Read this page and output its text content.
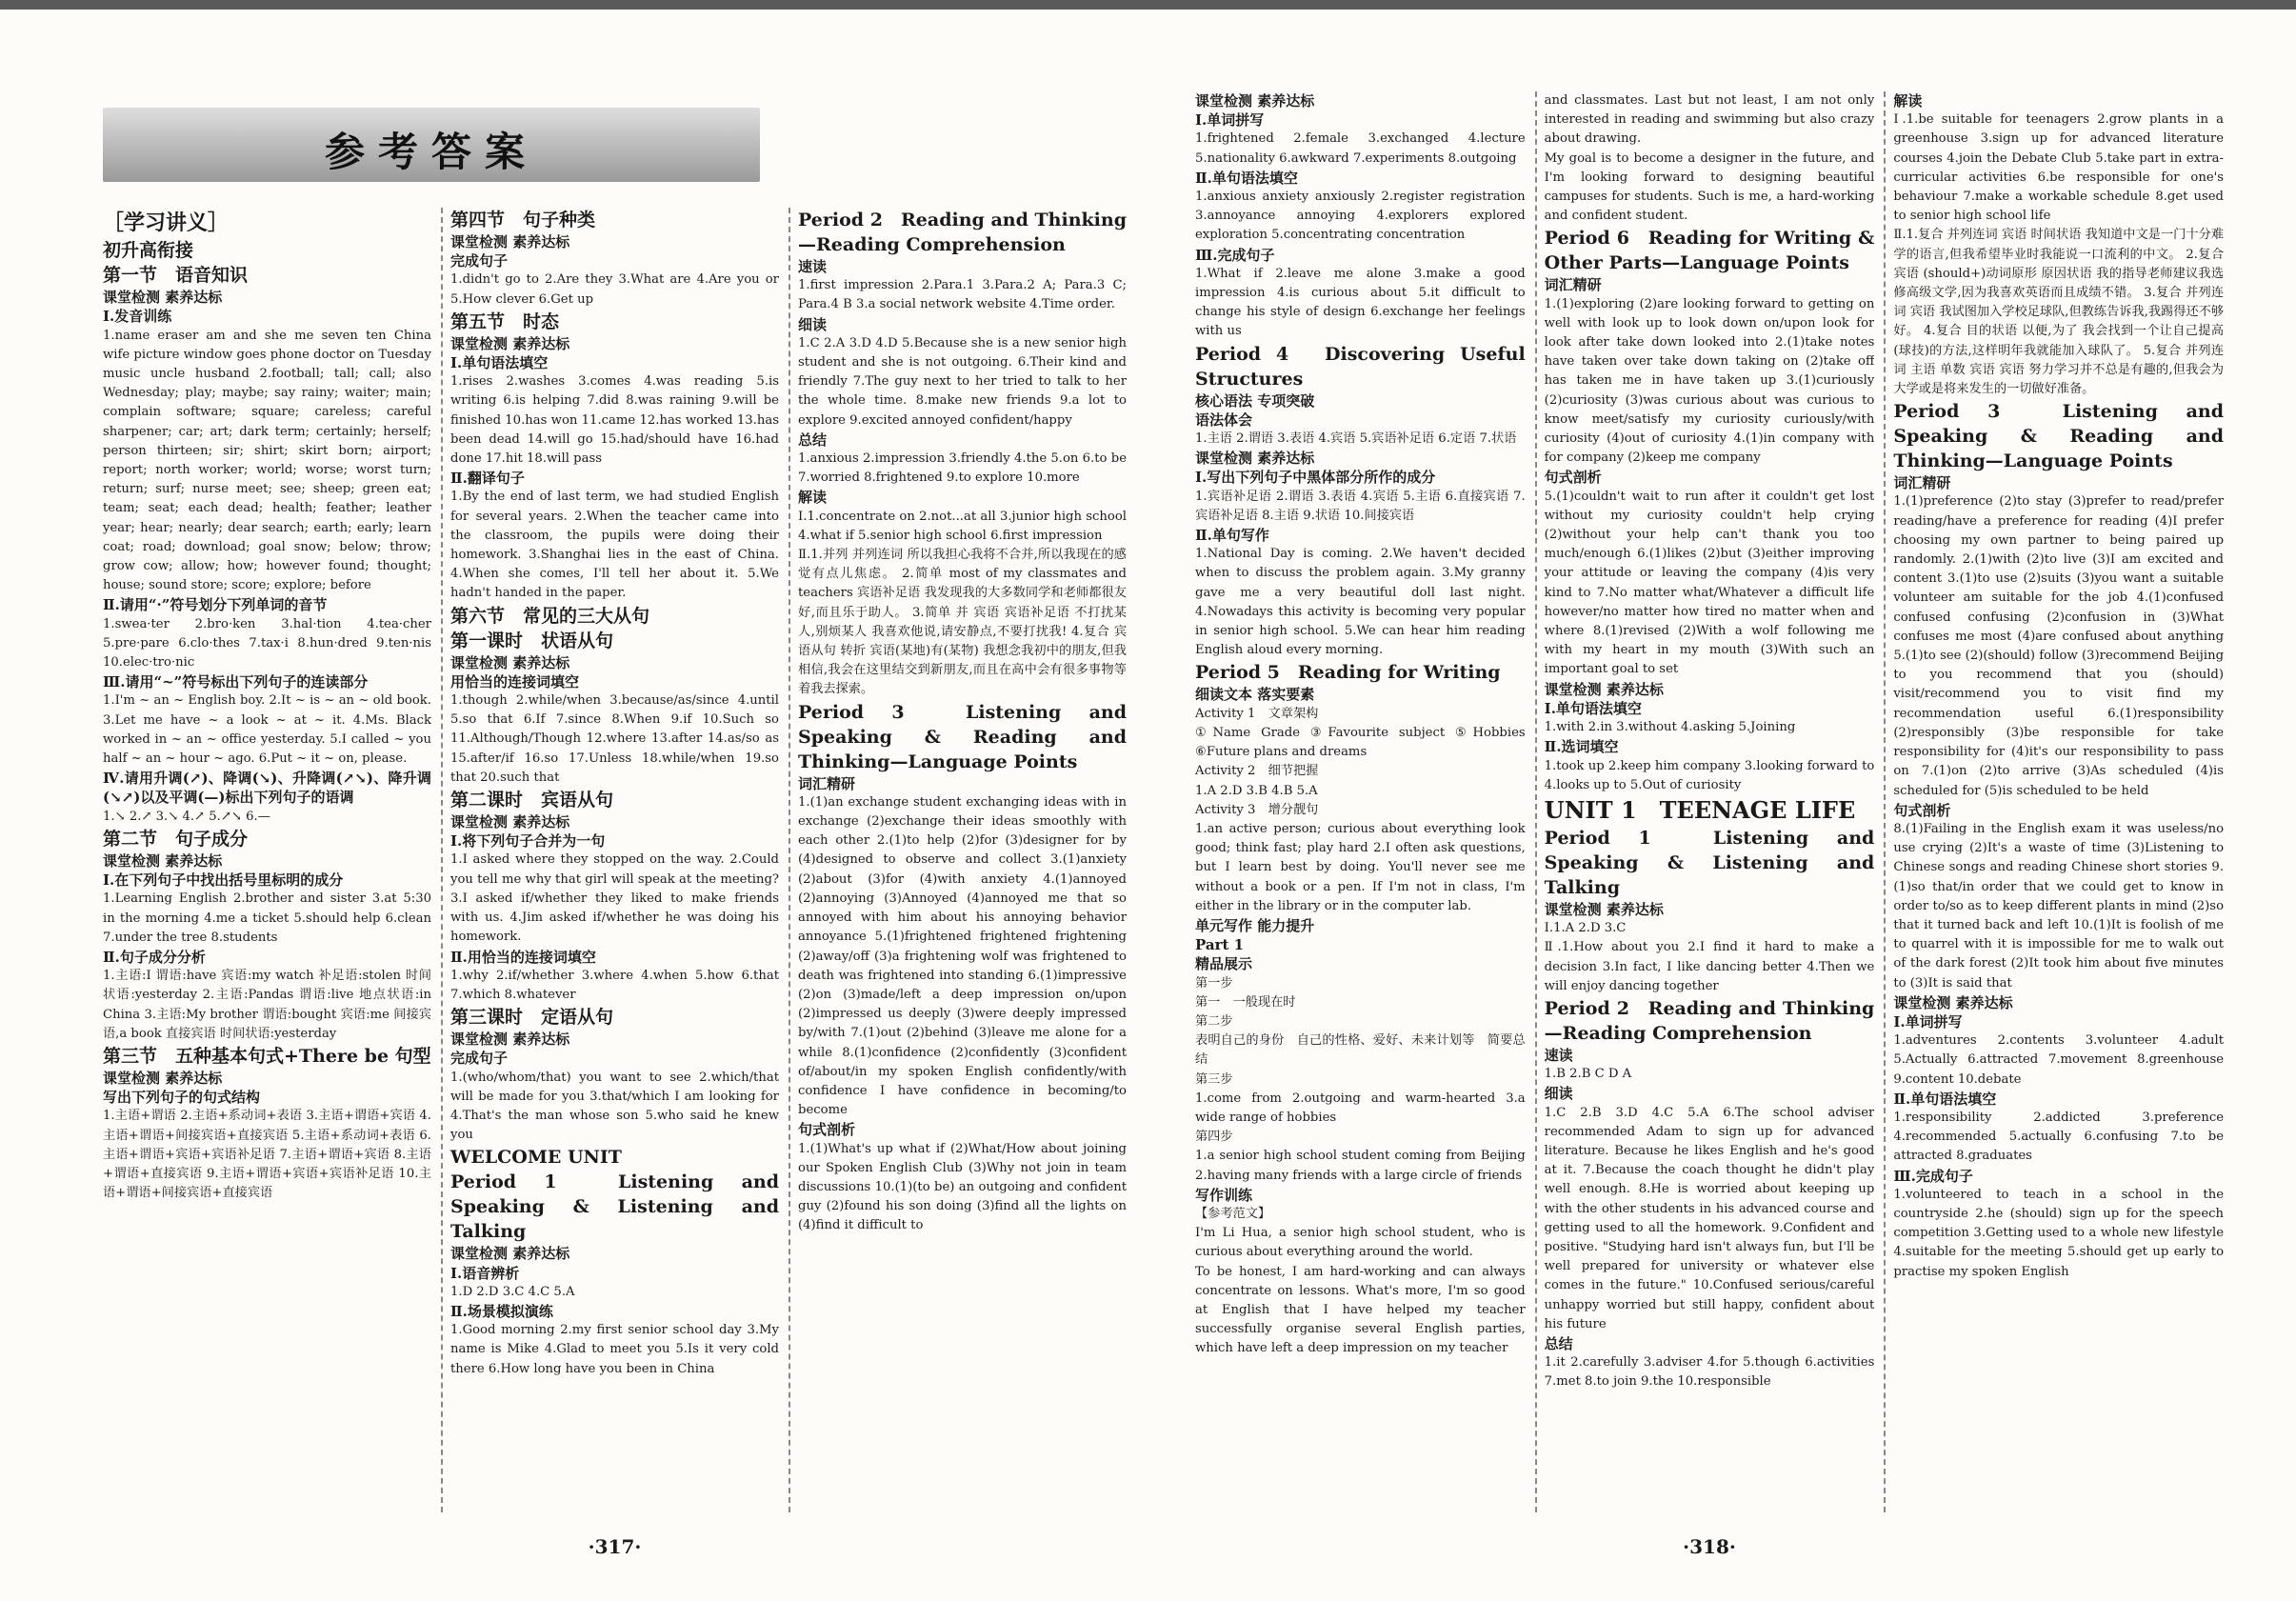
参考答案

［学习讲义］

初升高衔接

第一节　语音知识

课堂检测 素养达标

Ⅰ.发音训练

1.name eraser am and she me seven ten China wife picture window goes phone doctor on Tuesday music uncle husband 2.football; tall; call; also Wednesday; play; maybe; say rainy; waiter; main; complain software; square; careless; careful sharpener; car; art; dark term; certainly; herself; person thirteen; sir; shirt; skirt born; airport; report; north worker; world; worse; worst turn; return; surf; nurse meet; see; sheep; green eat; team; seat; each dead; health; feather; leather year; hear; nearly; dear search; earth; early; learn coat; road; download; goal snow; below; throw; grow cow; allow; how; however found; thought; house; sound store; score; explore; before

Ⅱ.请用“·”符号划分下列单词的音节

1.swea·ter 2.bro·ken 3.hal·tion 4.tea·cher 5.pre·pare 6.clo·thes 7.tax·i 8.hun·dred 9.ten·nis 10.elec·tro·nic

Ⅲ.请用“~”符号标出下列句子的连读部分

1.I'm ~ an ~ English boy. 2.It ~ is ~ an ~ old book. 3.Let me have ~ a look ~ at ~ it. 4.Ms. Black worked in ~ an ~ office yesterday. 5.I called ~ you half ~ an ~ hour ~ ago. 6.Put ~ it ~ on, please.

Ⅳ.请用升调(↗)、降调(↘)、升降调(↗↘)、降升调(↘↗)以及平调(—)标出下列句子的语调

1.↘ 2.↗ 3.↘ 4.↗ 5.↗↘ 6.—

第二节　句子成分

课堂检测 素养达标

Ⅰ.在下列句子中找出括号里标明的成分

1.Learning English 2.brother and sister 3.at 5:30 in the morning 4.me a ticket 5.should help 6.clean 7.under the tree 8.students

Ⅱ.句子成分分析

1.主语:I 谓语:have 宾语:my watch 补足语:stolen 时间状语:yesterday 2.主语:Pandas 谓语:live 地点状语:in China 3.主语:My brother 谓语:bought 宾语:me 间接宾语,a book 直接宾语 时间状语:yesterday

第三节　五种基本句式+There be 句型

课堂检测 素养达标

写出下列句子的句式结构

1.主语+谓语 2.主语+系动词+表语 3.主语+谓语+宾语 4.主语+谓语+间接宾语+直接宾语 5.主语+系动词+表语 6.主语+谓语+宾语+宾语补足语 7.主语+谓语+宾语 8.主语+谓语+直接宾语 9.主语+谓语+宾语+宾语补足语 10.主语+谓语+间接宾语+直接宾语

第四节　句子种类

课堂检测 素养达标

完成句子

1.didn't go to 2.Are they 3.What are 4.Are you or 5.How clever 6.Get up

第五节　时态

课堂检测 素养达标

Ⅰ.单句语法填空

1.rises 2.washes 3.comes 4.was reading 5.is writing 6.is helping 7.did 8.was raining 9.will be finished 10.has won 11.came 12.has worked 13.has been dead 14.will go 15.had/should have 16.had done 17.hit 18.will pass

Ⅱ.翻译句子

1.By the end of last term, we had studied English for several years. 2.When the teacher came into the classroom, the pupils were doing their homework. 3.Shanghai lies in the east of China. 4.When she comes, I'll tell her about it. 5.We hadn't handed in the paper.

第六节　常见的三大从句

第一课时　状语从句

课堂检测 素养达标

用恰当的连接词填空

1.though 2.while/when 3.because/as/since 4.until 5.so that 6.If 7.since 8.When 9.if 10.Such so 11.Although/Though 12.where 13.after 14.as/so as 15.after/if 16.so 17.Unless 18.while/when 19.so that 20.such that

第二课时　宾语从句

课堂检测 素养达标

Ⅰ.将下列句子合并为一句

1.I asked where they stopped on the way. 2.Could you tell me why that girl will speak at the meeting? 3.I asked if/whether they liked to make friends with us. 4.Jim asked if/whether he was doing his homework.

Ⅱ.用恰当的连接词填空

1.why 2.if/whether 3.where 4.when 5.how 6.that 7.which 8.whatever

第三课时　定语从句

课堂检测 素养达标

完成句子

1.(who/whom/that) you want to see 2.which/that will be made for you 3.that/which I am looking for 4.That's the man whose son 5.who said he knew you

WELCOME UNIT

Period 1　Listening and Speaking & Listening and Talking

课堂检测 素养达标

Ⅰ.语音辨析

1.D 2.D 3.C 4.C 5.A

Ⅱ.场景模拟演练

1.Good morning 2.my first senior school day 3.My name is Mike 4.Glad to meet you 5.Is it very cold there 6.How long have you been in China

Period 2　Reading and Thinking—Reading Comprehension

速读

1.first impression 2.Para.1 3.Para.2 A; Para.3 C; Para.4 B 3.a social network website 4.Time order.

细读

1.C 2.A 3.D 4.D 5.Because she is a new senior high student and she is not outgoing. 6.Their kind and friendly 7.The guy next to her tried to talk to her the whole time. 8.make new friends 9.a lot to explore 9.excited annoyed confident/happy

总结

1.anxious 2.impression 3.friendly 4.the 5.on 6.to be 7.worried 8.frightened 9.to explore 10.more

解读

Ⅰ.1.concentrate on 2.not...at all 3.junior high school 4.what if 5.senior high school 6.first impression

Ⅱ.1.并列 并列连词 所以我担心我将不合并,所以我现在的感觉有点儿焦虑。 2.简单 most of my classmates and teachers 宾语补足语 我发现我的大多数同学和老师都很友好,而且乐于助人。 3.简单 并 宾语 宾语补足语 不打扰某人,别烦某人 我喜欢他说,请安静点,不要打扰我! 4.复合 宾语从句 转折 宾语(某地)有(某物) 我想念我初中的朋友,但我相信,我会在这里结交到新朋友,而且在高中会有很多事物等着我去探索。

Period 3　Listening and Speaking & Reading and Thinking—Language Points

词汇精研

1.(1)an exchange student exchanging ideas with in exchange (2)exchange their ideas smoothly with each other 2.(1)to help (2)for (3)designer for by (4)designed to observe and collect 3.(1)anxiety (2)about (3)for (4)with anxiety 4.(1)annoyed (2)annoying (3)Annoyed (4)annoyed me that so annoyed with him about his annoying behavior annoyance 5.(1)frightened frightened frightening (2)away/off (3)a frightening wolf was frightened to death was frightened into standing 6.(1)impressive (2)on (3)made/left a deep impression on/upon (2)impressed us deeply (3)were deeply impressed by/with 7.(1)out (2)behind (3)leave me alone for a while 8.(1)confidence (2)confidently (3)confident of/about/in my spoken English confidently/with confidence I have confidence in becoming/to become

句式剖析

1.(1)What's up what if (2)What/How about joining our Spoken English Club (3)Why not join in team discussions 10.(1)(to be) an outgoing and confident guy (2)found his son doing (3)find all the lights on (4)find it difficult to

·317·

课堂检测 素养达标

Ⅰ.单词拼写

1.frightened 2.female 3.exchanged 4.lecture 5.nationality 6.awkward 7.experiments 8.outgoing

Ⅱ.单句语法填空

1.anxious anxiety anxiously 2.register registration 3.annoyance annoying 4.explorers explored exploration 5.concentrating concentration

Ⅲ.完成句子

1.What if 2.leave me alone 3.make a good impression 4.is curious about 5.it difficult to change his style of design 6.exchange her feelings with us

Period 4　Discovering Useful Structures

核心语法 专项突破

语法体会

1.主语 2.谓语 3.表语 4.宾语 5.宾语补足语 6.定语 7.状语

课堂检测 素养达标

Ⅰ.写出下列句子中黑体部分所作的成分

1.宾语补足语 2.谓语 3.表语 4.宾语 5.主语 6.直接宾语 7.宾语补足语 8.主语 9.状语 10.间接宾语

Ⅱ.单句写作

1.National Day is coming. 2.We haven't decided when to discuss the problem again. 3.My granny gave me a very beautiful doll last night. 4.Nowadays this activity is becoming very popular in senior high school. 5.We can hear him reading English aloud every morning.

Period 5　Reading for Writing

细读文本 落实要素

Activity 1　文章架构

①Name Grade ③Favourite subject ⑤Hobbies ⑥Future plans and dreams

Activity 2　细节把握

1.A 2.D 3.B 4.B 5.A

Activity 3　增分靓句

1.an active person; curious about everything look good; think fast; play hard 2.I often ask questions, but I learn best by doing. You'll never see me without a book or a pen. If I'm not in class, I'm either in the library or in the computer lab.

单元写作 能力提升

Part 1

精品展示

第一步

第一　一般现在时

第二步

表明自己的身份　自己的性格、爱好、未来计划等　简要总结

第三步

1.come from 2.outgoing and warm-hearted 3.a wide range of hobbies

第四步

1.a senior high school student coming from Beijing 2.having many friends with a large circle of friends

写作训练

【参考范文】

I'm Li Hua, a senior high school student, who is curious about everything around the world.

To be honest, I am hard-working and can always concentrate on lessons. What's more, I'm so good at English that I have helped my teacher successfully organise several English parties, which have left a deep impression on my teacher

and classmates. Last but not least, I am not only interested in reading and swimming but also crazy about drawing.

My goal is to become a designer in the future, and I'm looking forward to designing beautiful campuses for students. Such is me, a hard-working and confident student.

Period 6　Reading for Writing & Other Parts—Language Points

词汇精研

1.(1)exploring (2)are looking forward to getting on well with look up to look down on/upon look for look after take down looked into 2.(1)take notes have taken over take down taking on (2)take off has taken me in have taken up 3.(1)curiously (2)curiosity (3)was curious about was curious to know meet/satisfy my curiosity curiously/with curiosity (4)out of curiosity 4.(1)in company with for company (2)keep me company

句式剖析

5.(1)couldn't wait to run after it couldn't get lost without my curiosity couldn't help crying (2)without your help can't thank you too much/enough 6.(1)likes (2)but (3)either improving your attitude or leaving the company (4)is very kind to 7.No matter what/Whatever a difficult life however/no matter how tired no matter when and where 8.(1)revised (2)With a wolf following me with my heart in my mouth (3)With such an important goal to set

课堂检测 素养达标

Ⅰ.单句语法填空

1.with 2.in 3.without 4.asking 5.Joining

Ⅱ.选词填空

1.took up 2.keep him company 3.looking forward to 4.looks up to 5.Out of curiosity

UNIT 1　TEENAGE LIFE

Period 1　Listening and Speaking & Listening and Talking

课堂检测 素养达标

Ⅰ.1.A 2.D 3.C

Ⅱ.1.How about you 2.I find it hard to make a decision 3.In fact, I like dancing better 4.Then we will enjoy dancing together

Period 2　Reading and Thinking—Reading Comprehension

速读

1.B 2.B C D A

细读

1.C 2.B 3.D 4.C 5.A 6.The school adviser recommended Adam to sign up for advanced literature. Because he likes English and he's good at it. 7.Because the coach thought he didn't play well enough. 8.He is worried about keeping up with the other students in his advanced course and getting used to all the homework. 9.Confident and positive. "Studying hard isn't always fun, but I'll be well prepared for university or whatever else comes in the future." 10.Confused serious/careful unhappy worried but still happy, confident about his future

总结

1.it 2.carefully 3.adviser 4.for 5.though 6.activities 7.met 8.to join 9.the 10.responsible

解读

Ⅰ.1.be suitable for teenagers 2.grow plants in a greenhouse 3.sign up for advanced literature courses 4.join the Debate Club 5.take part in extra-curricular activities 6.be responsible for one's behaviour 7.make a workable schedule 8.get used to senior high school life

Ⅱ.1.复合 并列连词 宾语 时间状语 我知道中文是一门十分难学的语言,但我希望毕业时我能说一口流利的中文。 2.复合 宾语 (should+)动词原形 原因状语 我的指导老师建议我选修高级文学,因为我喜欢英语而且成绩不错。 3.复合 并列连词 宾语 我试图加入学校足球队,但教练告诉我,我踢得还不够好。 4.复合 目的状语 以便,为了 我会找到一个让自己提高(球技)的方法,这样明年我就能加入球队了。 5.复合 并列连词 主语 单数 宾语 宾语 努力学习并不总是有趣的,但我会为大学或是将来发生的一切做好准备。

Period 3　Listening and Speaking & Reading and Thinking—Language Points

词汇精研

1.(1)preference (2)to stay (3)prefer to read/prefer reading/have a preference for reading (4)I prefer choosing my own partner to being paired up randomly. 2.(1)with (2)to live (3)I am excited and content 3.(1)to use (2)suits (3)you want a suitable volunteer am suitable for the job 4.(1)confused confused confusing (2)confusion in (3)What confuses me most (4)are confused about anything 5.(1)to see (2)(should) follow (3)recommend Beijing to you recommend that you (should) visit/recommend you to visit find my recommendation useful 6.(1)responsibility (2)responsibly (3)be responsible for take responsibility for (4)it's our responsibility to pass on 7.(1)on (2)to arrive (3)As scheduled (4)is scheduled for (5)is scheduled to be held

句式剖析

8.(1)Failing in the English exam it was useless/no use crying (2)It's a waste of time (3)Listening to Chinese songs and reading Chinese short stories 9.(1)so that/in order that we could get to know in order to/so as to keep different plants in mind (2)so that it turned back and left 10.(1)It is foolish of me to quarrel with it is impossible for me to walk out of the dark forest (2)It took him about five minutes to (3)It is said that

课堂检测 素养达标

Ⅰ.单词拼写

1.adventures 2.contents 3.volunteer 4.adult 5.Actually 6.attracted 7.movement 8.greenhouse 9.content 10.debate

Ⅱ.单句语法填空

1.responsibility 2.addicted 3.preference 4.recommended 5.actually 6.confusing 7.to be attracted 8.graduates

Ⅲ.完成句子

1.volunteered to teach in a school in the countryside 2.he (should) sign up for the speech competition 3.Getting used to a whole new lifestyle 4.suitable for the meeting 5.should get up early to practise my spoken English

·318·
